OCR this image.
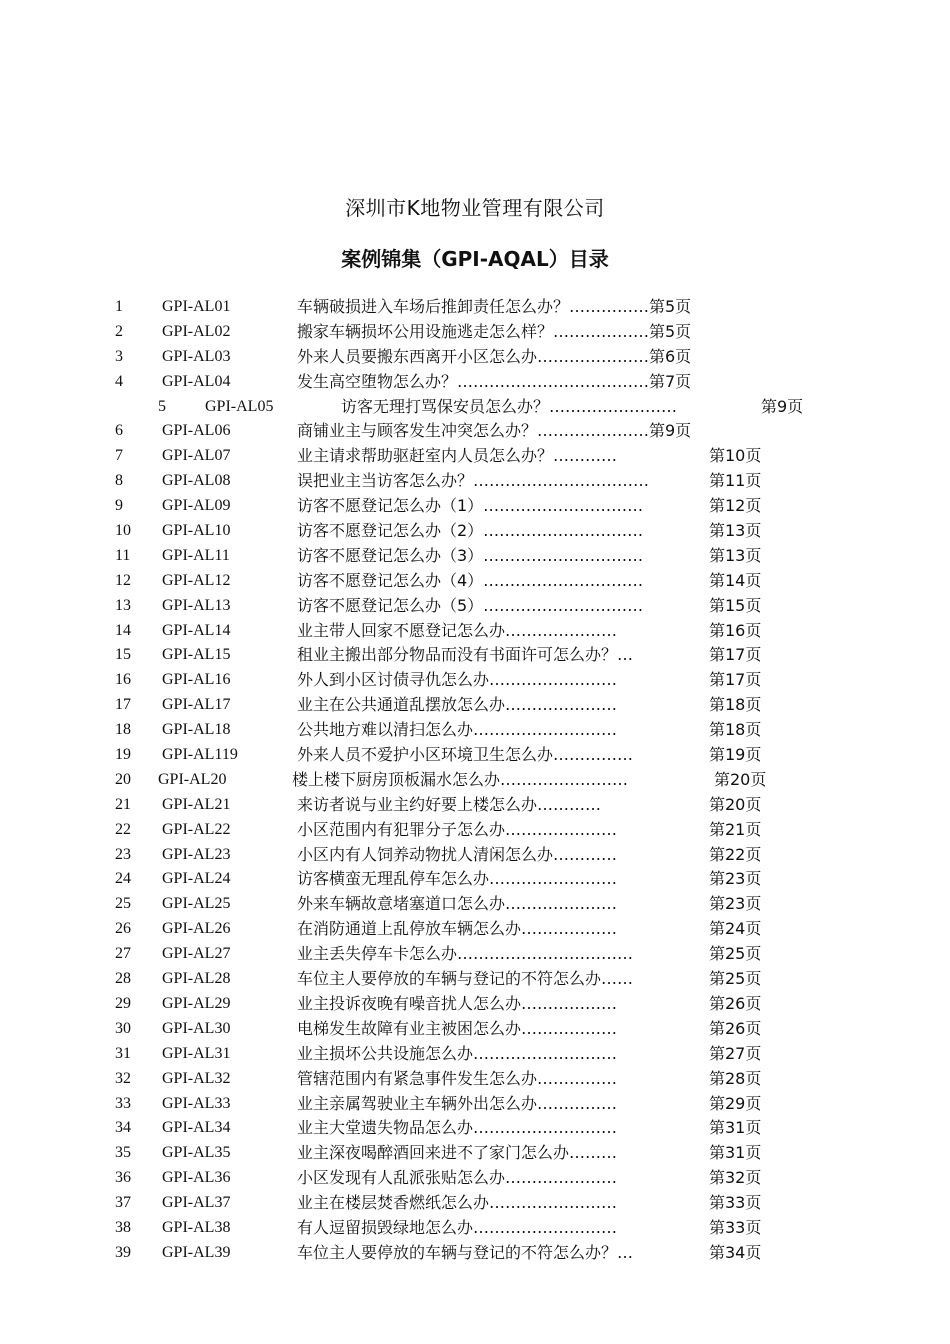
深圳市K地物业管理有限公司
案例锦集（GPI-AQAL）目录
1 GPI-AL01	车辆破损进入车场后推卸责任怎么办？……………第5页
2 GPI-AL02	搬家车辆损坏公用设施逃走怎么样？………………第5页
3 GPI-AL03	外来人员要搬东西离开小区怎么办…………………第6页
4 GPI-AL04	发生高空堕物怎么办？………………………………第7页
5 GPI-AL05	访客无理打骂保安员怎么办？……………………	第9页
6 GPI-AL06	商铺业主与顾客发生冲突怎么办？…………………第9页
7 GPI-AL07	业主请求帮助驱赶室内人员怎么办？…………	第10页
8 GPI-AL08	误把业主当访客怎么办？……………………………	第11页
9 GPI-AL09	访客不愿登记怎么办（1）…………………………	第12页
10 GPI-AL10	访客不愿登记怎么办（2）…………………………	第13页
11 GPI-AL11	访客不愿登记怎么办（3）…………………………	第13页
12 GPI-AL12	访客不愿登记怎么办（4）…………………………	第14页
13 GPI-AL13	访客不愿登记怎么办（5）…………………………	第15页
14 GPI-AL14	业主带人回家不愿登记怎么办…………………	第16页
15 GPI-AL15	租业主搬出部分物品而没有书面许可怎么办？…	第17页
16 GPI-AL16	外人到小区讨债寻仇怎么办……………………	第17页
17 GPI-AL17	业主在公共通道乱摆放怎么办…………………	第18页
18 GPI-AL18	公共地方难以清扫怎么办………………………	第18页
19 GPI-AL119	外来人员不爱护小区环境卫生怎么办……………	第19页
20 GPI-AL20	楼上楼下厨房顶板漏水怎么办……………………	第20页
21 GPI-AL21	来访者说与业主约好要上楼怎么办…………	第20页
22 GPI-AL22	小区范围内有犯罪分子怎么办…………………	第21页
23 GPI-AL23	小区内有人饲养动物扰人清闲怎么办…………	第22页
24 GPI-AL24	访客横蛮无理乱停车怎么办……………………	第23页
25 GPI-AL25	外来车辆故意堵塞道口怎么办…………………	第23页
26 GPI-AL26	在消防通道上乱停放车辆怎么办………………	第24页
27 GPI-AL27	业主丢失停车卡怎么办……………………………	第25页
28 GPI-AL28	车位主人要停放的车辆与登记的不符怎么办……	第25页
29 GPI-AL29	业主投诉夜晚有噪音扰人怎么办………………	第26页
30 GPI-AL30	电梯发生故障有业主被困怎么办………………	第26页
31 GPI-AL31	业主损坏公共设施怎么办………………………	第27页
32 GPI-AL32	管辖范围内有紧急事件发生怎么办……………	第28页
33 GPI-AL33	业主亲属驾驶业主车辆外出怎么办……………	第29页
34 GPI-AL34	业主大堂遗失物品怎么办………………………	第31页
35 GPI-AL35	业主深夜喝醉酒回来进不了家门怎么办………	第31页
36 GPI-AL36	小区发现有人乱派张贴怎么办…………………	第32页
37 GPI-AL37	业主在楼层焚香燃纸怎么办……………………	第33页
38 GPI-AL38	有人逗留损毁绿地怎么办………………………	第33页
39 GPI-AL39	车位主人要停放的车辆与登记的不符怎么办？…	第34页
